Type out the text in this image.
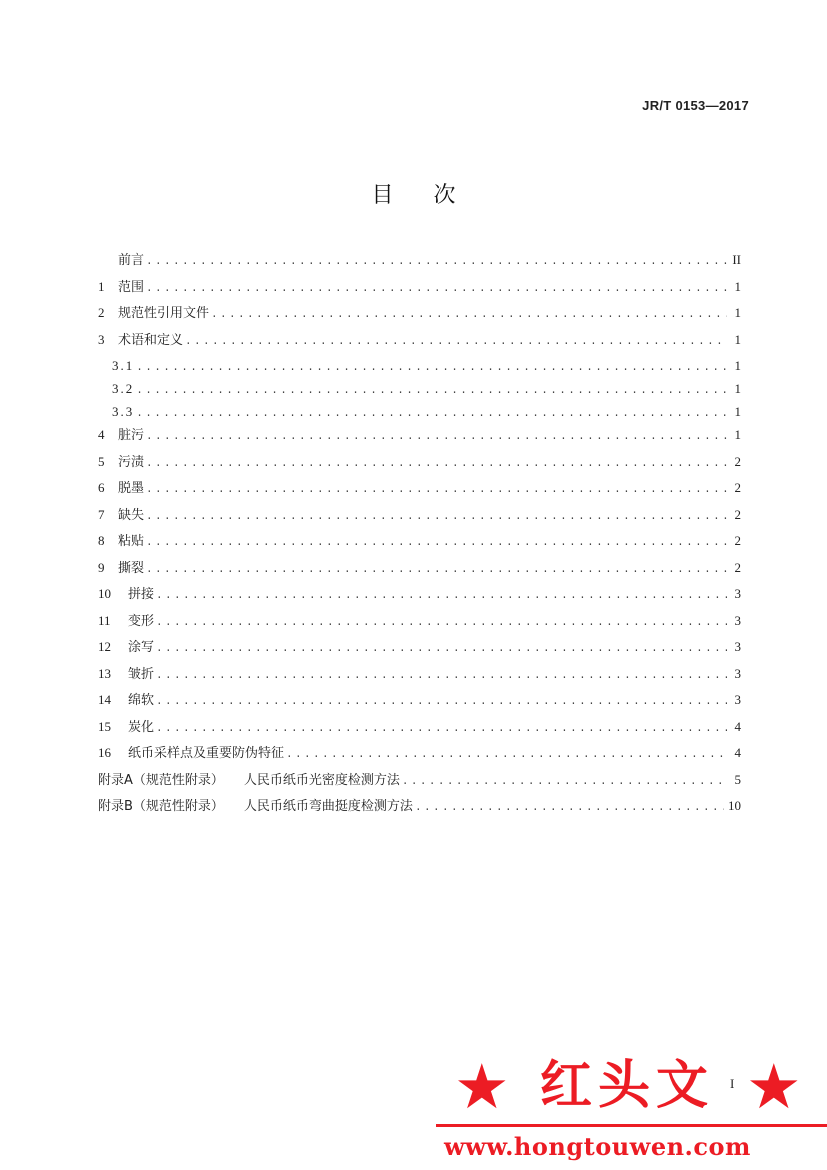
JR/T 0153—2017
目次
前言 .....	II
1	范围 .....	1
2	规范性引用文件 .....	1
3	术语和定义 .....	1
3.1 .....	1
3.2 .....	1
3.3 .....	1
4	脏污 .....	1
5	污渍 .....	2
6	脱墨 .....	2
7	缺失 .....	2
8	粘贴 .....	2
9	撕裂 .....	2
10	拼接 .....	3
11	变形 .....	3
12	涂写 .....	3
13	皱折 .....	3
14	绵软 .....	3
15	炭化 .....	4
16	纸币采样点及重要防伪特征 .....	4
附录A（规范性附录）	人民币纸币光密度检测方法 .....	5
附录B（规范性附录）	人民币纸币弯曲挺度检测方法 .....	10
I
★ 红头文 ★
www.hongtouwen.com
